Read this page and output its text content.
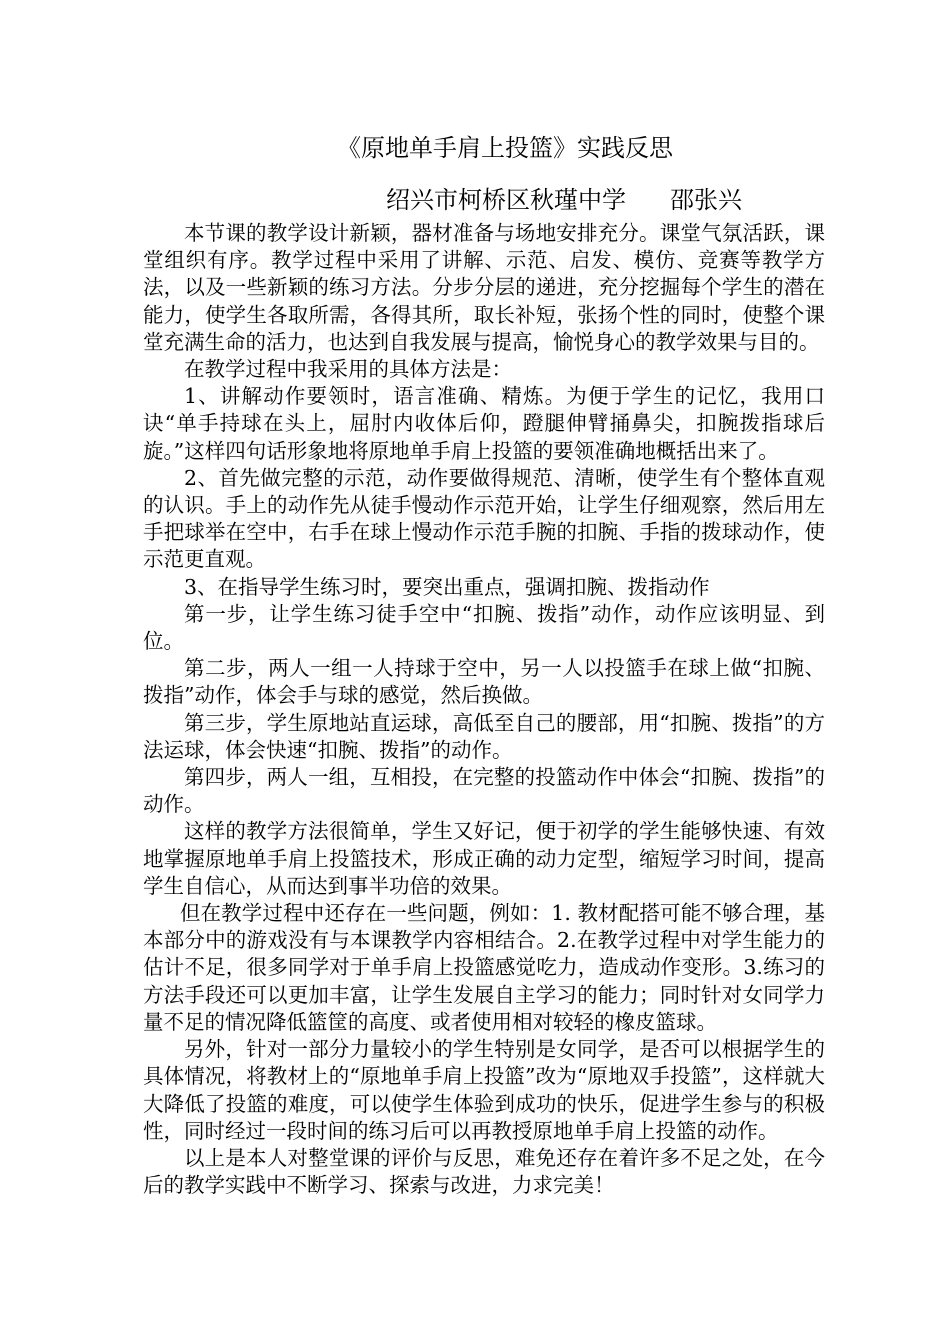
《原地单手肩上投篮》实践反思
绍兴市柯桥区秋瑾中学 邵张兴

本节课的教学设计新颖，器材准备与场地安排充分。课堂气氛活跃，课堂组织有序。教学过程中采用了讲解、示范、启发、模仿、竞赛等教学方法，以及一些新颖的练习方法。分步分层的递进，充分挖掘每个学生的潜在能力，使学生各取所需，各得其所，取长补短，张扬个性的同时，使整个课堂充满生命的活力，也达到自我发展与提高，愉悦身心的教学效果与目的。

在教学过程中我采用的具体方法是：

1、讲解动作要领时，语言准确、精炼。为便于学生的记忆，我用口诀“单手持球在头上，屈肘内收体后仰，蹬腿伸臂捅鼻尖，扣腕拨指球后旋。”这样四句话形象地将原地单手肩上投篮的要领准确地概括出来了。

2、首先做完整的示范，动作要做得规范、清晰，使学生有个整体直观的认识。手上的动作先从徒手慢动作示范开始，让学生仔细观察，然后用左手把球举在空中，右手在球上慢动作示范手腕的扣腕、手指的拨球动作，使示范更直观。

3、在指导学生练习时，要突出重点，强调扣腕、拨指动作

第一步，让学生练习徒手空中“扣腕、拨指”动作，动作应该明显、到位。

第二步，两人一组一人持球于空中，另一人以投篮手在球上做“扣腕、拨指”动作，体会手与球的感觉，然后换做。

第三步，学生原地站直运球，高低至自己的腰部，用“扣腕、拨指”的方法运球，体会快速“扣腕、拨指”的动作。

第四步，两人一组，互相投，在完整的投篮动作中体会“扣腕、拨指”的动作。

这样的教学方法很简单，学生又好记，便于初学的学生能够快速、有效地掌握原地单手肩上投篮技术，形成正确的动力定型，缩短学习时间，提高学生自信心，从而达到事半功倍的效果。

但在教学过程中还存在一些问题，例如：1. 教材配搭可能不够合理，基本部分中的游戏没有与本课教学内容相结合。2.在教学过程中对学生能力的估计不足，很多同学对于单手肩上投篮感觉吃力，造成动作变形。3.练习的方法手段还可以更加丰富，让学生发展自主学习的能力；同时针对女同学力量不足的情况降低篮筐的高度、或者使用相对较轻的橡皮篮球。

另外，针对一部分力量较小的学生特别是女同学，是否可以根据学生的具体情况，将教材上的“原地单手肩上投篮”改为“原地双手投篮”，这样就大大降低了投篮的难度，可以使学生体验到成功的快乐，促进学生参与的积极性，同时经过一段时间的练习后可以再教授原地单手肩上投篮的动作。

以上是本人对整堂课的评价与反思，难免还存在着许多不足之处，在今后的教学实践中不断学习、探索与改进，力求完美！
